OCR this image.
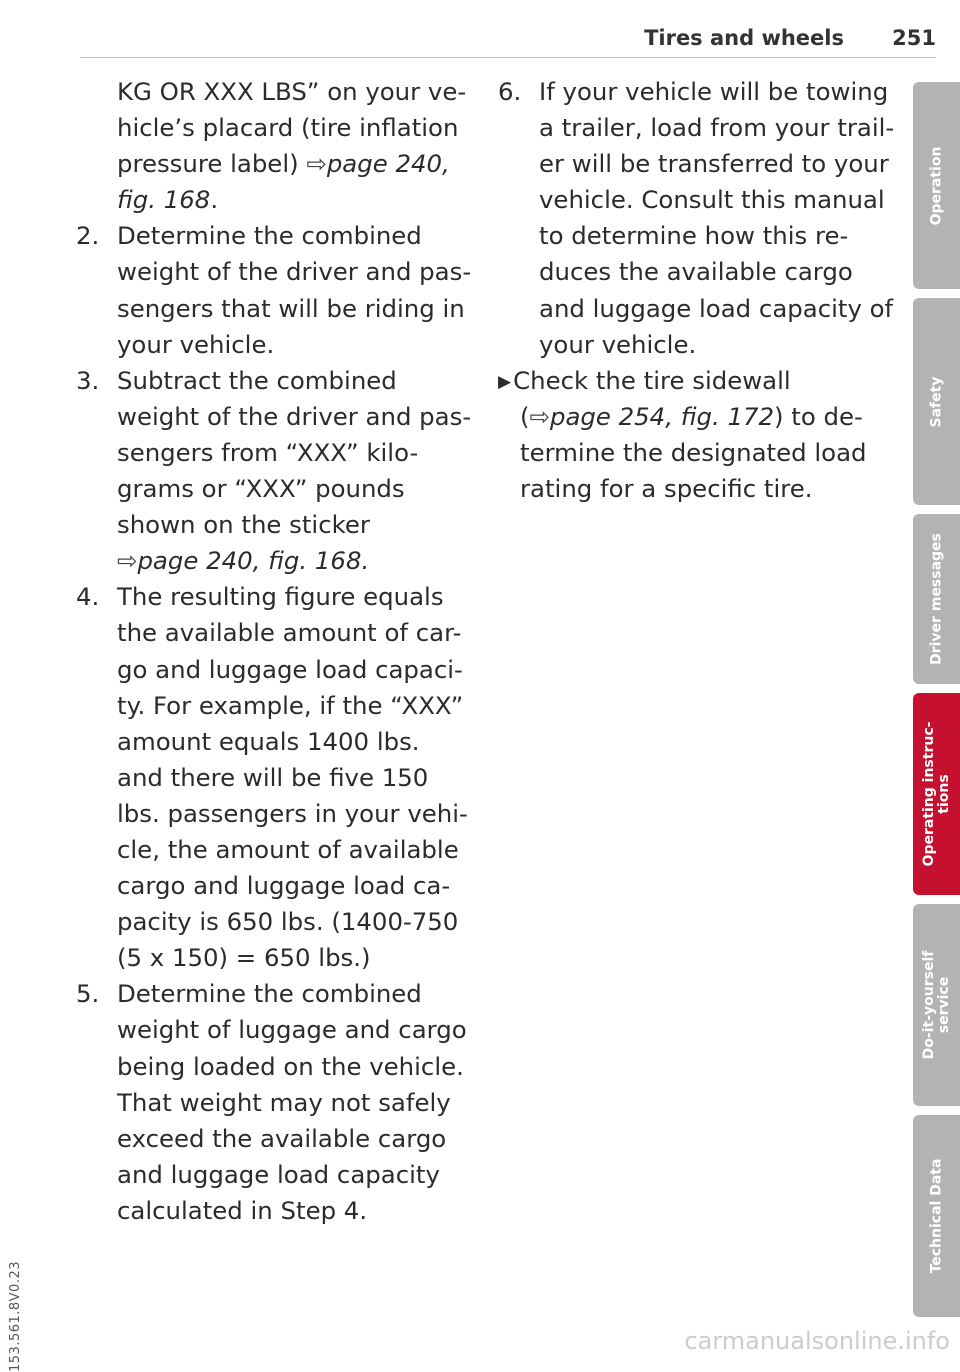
Tires and wheels 251
153.561.8V0.23
KG OR XXX LBS” on your ve-
hicle’s placard (tire inflation
pressure label) ⇨page 240,
fig. 168.
2. Determine the combined
weight of the driver and pas-
sengers that will be riding in
your vehicle.
3. Subtract the combined
weight of the driver and pas-
sengers from “XXX” kilo-
grams or “XXX” pounds
shown on the sticker
⇨page 240, fig. 168.
4. The resulting figure equals
the available amount of car-
go and luggage load capaci-
ty. For example, if the “XXX”
amount equals 1400 lbs.
and there will be five 150
lbs. passengers in your vehi-
cle, the amount of available
cargo and luggage load ca-
pacity is 650 lbs. (1400-750
(5 x 150) = 650 lbs.)
5. Determine the combined
weight of luggage and cargo
being loaded on the vehicle.
That weight may not safely
exceed the available cargo
and luggage load capacity
calculated in Step 4.
6. If your vehicle will be towing
a trailer, load from your trail-
er will be transferred to your
vehicle. Consult this manual
to determine how this re-
duces the available cargo
and luggage load capacity of
your vehicle.
▶Check the tire sidewall
(⇨page 254, fig. 172) to de-
termine the designated load
rating for a specific tire.
Operation
Safety
Driver messages
Operating instruc-
tions
Do-it-yourself
service
Technical Data
carmanualsonline.info
